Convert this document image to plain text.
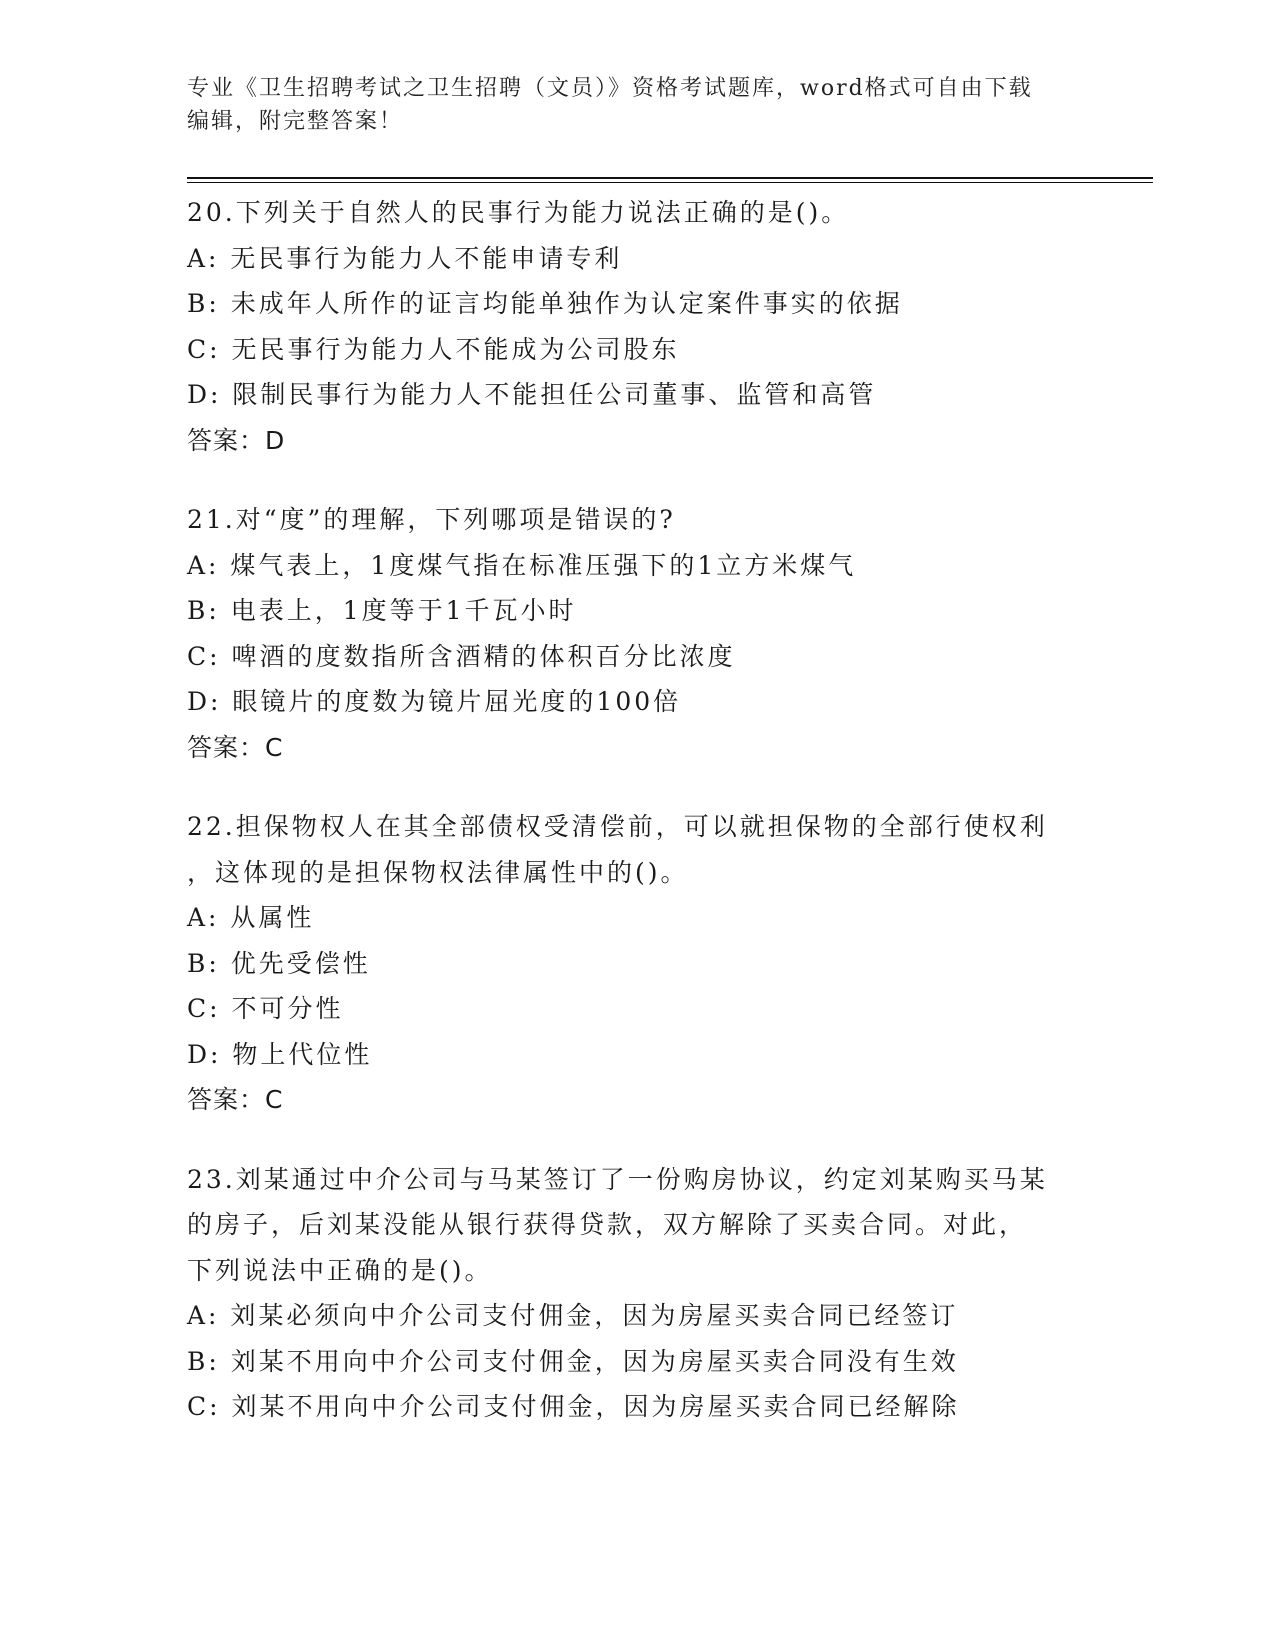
专业《卫生招聘考试之卫生招聘（文员）》资格考试题库，word格式可自由下载
编辑，附完整答案！
20.下列关于自然人的民事行为能力说法正确的是()。
A: 无民事行为能力人不能申请专利
B: 未成年人所作的证言均能单独作为认定案件事实的依据
C: 无民事行为能力人不能成为公司股东
D: 限制民事行为能力人不能担任公司董事、监管和高管
答案：D
21.对“度”的理解，下列哪项是错误的?
A: 煤气表上，1度煤气指在标准压强下的1立方米煤气
B: 电表上，1度等于1千瓦小时
C: 啤酒的度数指所含酒精的体积百分比浓度
D: 眼镜片的度数为镜片屈光度的100倍
答案：C
22.担保物权人在其全部债权受清偿前，可以就担保物的全部行使权利
，这体现的是担保物权法律属性中的()。
A: 从属性
B: 优先受偿性
C: 不可分性
D: 物上代位性
答案：C
23.刘某通过中介公司与马某签订了一份购房协议，约定刘某购买马某
的房子，后刘某没能从银行获得贷款，双方解除了买卖合同。对此，
下列说法中正确的是()。
A: 刘某必须向中介公司支付佣金，因为房屋买卖合同已经签订
B: 刘某不用向中介公司支付佣金，因为房屋买卖合同没有生效
C: 刘某不用向中介公司支付佣金，因为房屋买卖合同已经解除
